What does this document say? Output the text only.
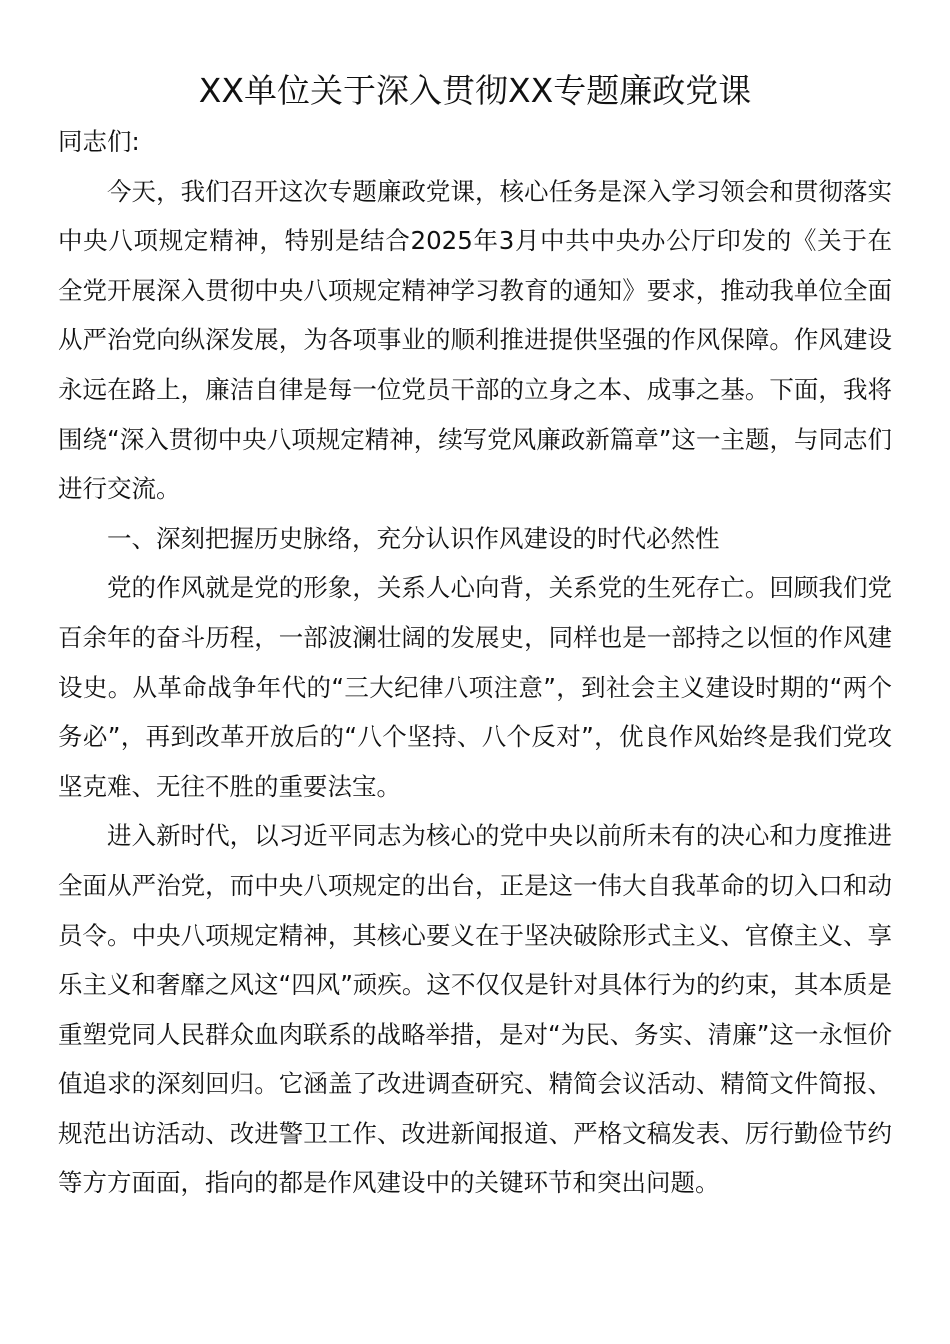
XX单位关于深入贯彻XX专题廉政党课

同志们:

今天，我们召开这次专题廉政党课，核心任务是深入学习领会和贯彻落实中央八项规定精神，特别是结合2025年3月中共中央办公厅印发的《关于在全党开展深入贯彻中央八项规定精神学习教育的通知》要求，推动我单位全面从严治党向纵深发展，为各项事业的顺利推进提供坚强的作风保障。作风建设永远在路上，廉洁自律是每一位党员干部的立身之本、成事之基。下面，我将围绕“深入贯彻中央八项规定精神，续写党风廉政新篇章”这一主题，与同志们进行交流。

一、深刻把握历史脉络，充分认识作风建设的时代必然性

党的作风就是党的形象，关系人心向背，关系党的生死存亡。回顾我们党百余年的奋斗历程，一部波澜壮阔的发展史，同样也是一部持之以恒的作风建设史。从革命战争年代的“三大纪律八项注意”，到社会主义建设时期的“两个务必”，再到改革开放后的“八个坚持、八个反对”，优良作风始终是我们党攻坚克难、无往不胜的重要法宝。

进入新时代，以习近平同志为核心的党中央以前所未有的决心和力度推进全面从严治党，而中央八项规定的出台，正是这一伟大自我革命的切入口和动员令。中央八项规定精神，其核心要义在于坚决破除形式主义、官僚主义、享乐主义和奢靡之风这“四风”顽疾。这不仅仅是针对具体行为的约束，其本质是重塑党同人民群众血肉联系的战略举措，是对“为民、务实、清廉”这一永恒价值追求的深刻回归。它涵盖了改进调查研究、精简会议活动、精简文件简报、规范出访活动、改进警卫工作、改进新闻报道、严格文稿发表、厉行勤俭节约等方方面面，指向的都是作风建设中的关键环节和突出问题。
